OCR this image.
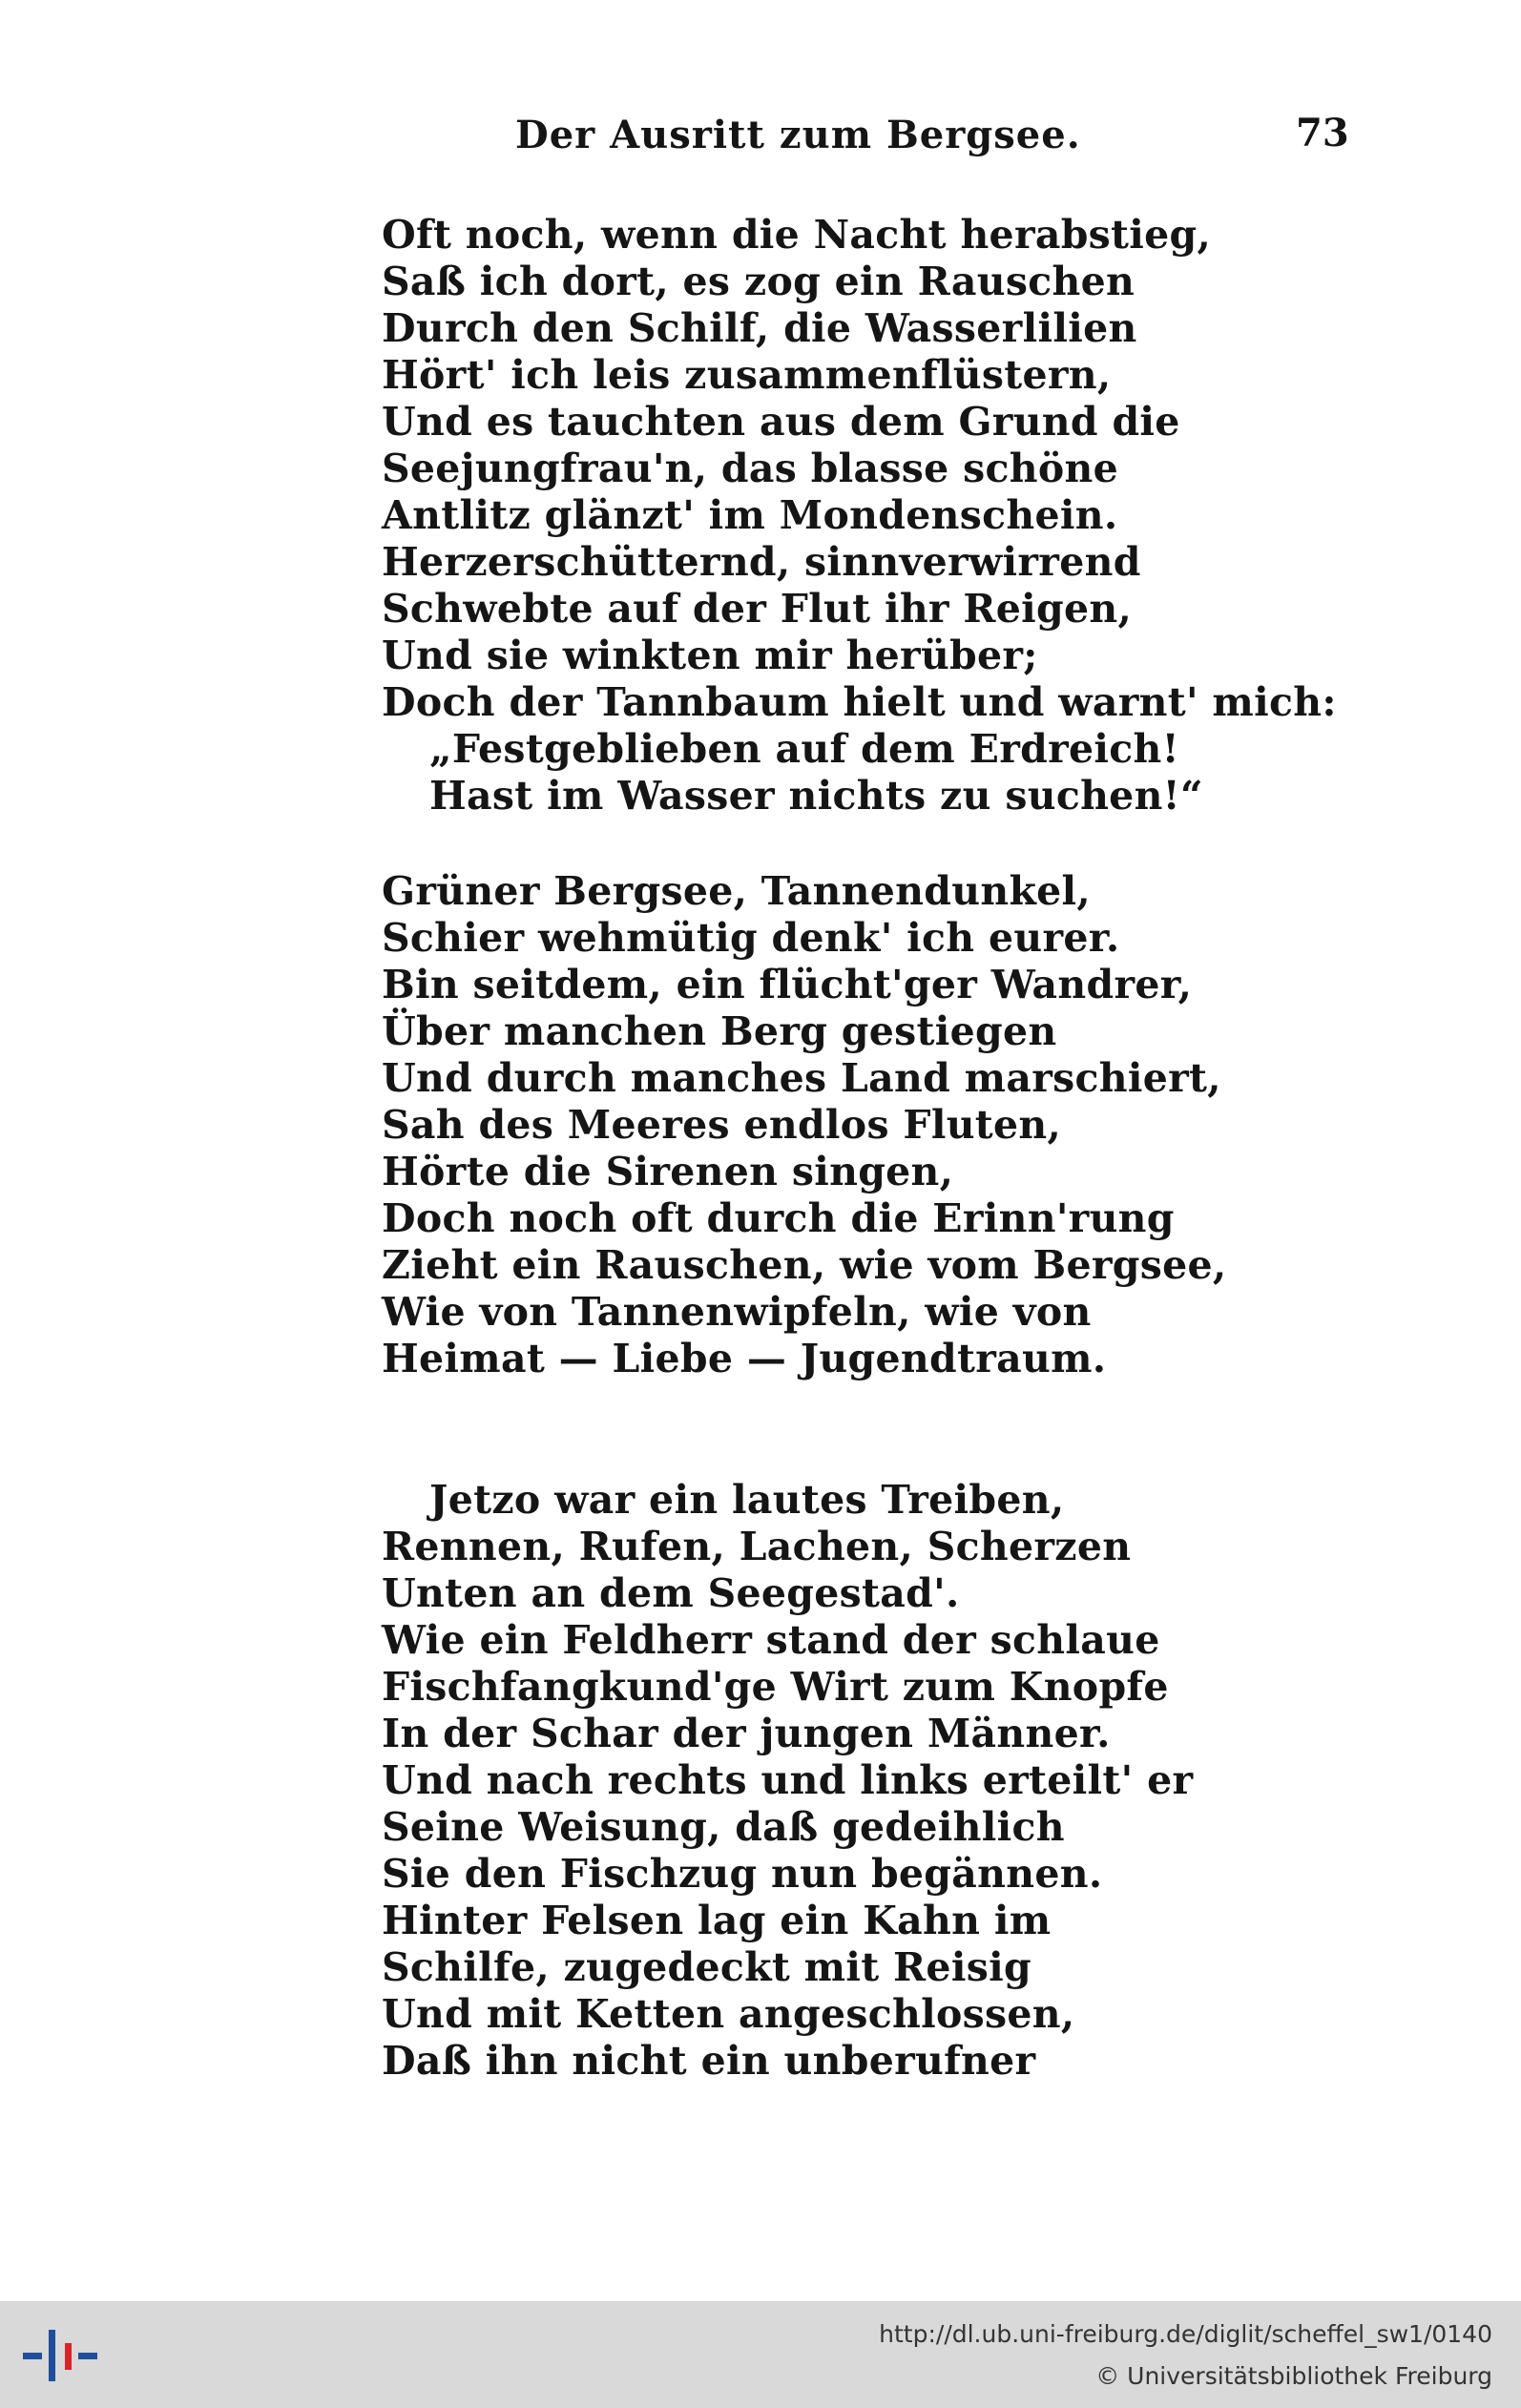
Der Ausritt zum Bergsee.	73
Oft noch, wenn die Nacht herabstieg,
Saß ich dort, es zog ein Rauschen
Durch den Schilf, die Wasserlilien
Hört' ich leis zusammenflüstern,
Und es tauchten aus dem Grund die
Seejungfrau'n, das blasse schöne
Antlitz glänzt' im Mondenschein.
Herzerschütternd, sinnverwirrend
Schwebte auf der Flut ihr Reigen,
Und sie winkten mir herüber;
Doch der Tannbaum hielt und warnt' mich:
„Festgeblieben auf dem Erdreich!
Hast im Wasser nichts zu suchen!“
Grüner Bergsee, Tannendunkel,
Schier wehmütig denk' ich eurer.
Bin seitdem, ein flücht'ger Wandrer,
Über manchen Berg gestiegen
Und durch manches Land marschiert,
Sah des Meeres endlos Fluten,
Hörte die Sirenen singen,
Doch noch oft durch die Erinn'rung
Zieht ein Rauschen, wie vom Bergsee,
Wie von Tannenwipfeln, wie von
Heimat — Liebe — Jugendtraum.
Jetzo war ein lautes Treiben,
Rennen, Rufen, Lachen, Scherzen
Unten an dem Seegestad'.
Wie ein Feldherr stand der schlaue
Fischfangkund'ge Wirt zum Knopfe
In der Schar der jungen Männer.
Und nach rechts und links erteilt' er
Seine Weisung, daß gedeihlich
Sie den Fischzug nun begännen.
Hinter Felsen lag ein Kahn im
Schilfe, zugedeckt mit Reisig
Und mit Ketten angeschlossen,
Daß ihn nicht ein unberufner
http://dl.ub.uni-freiburg.de/diglit/scheffel_sw1/0140
© Universitätsbibliothek Freiburg
